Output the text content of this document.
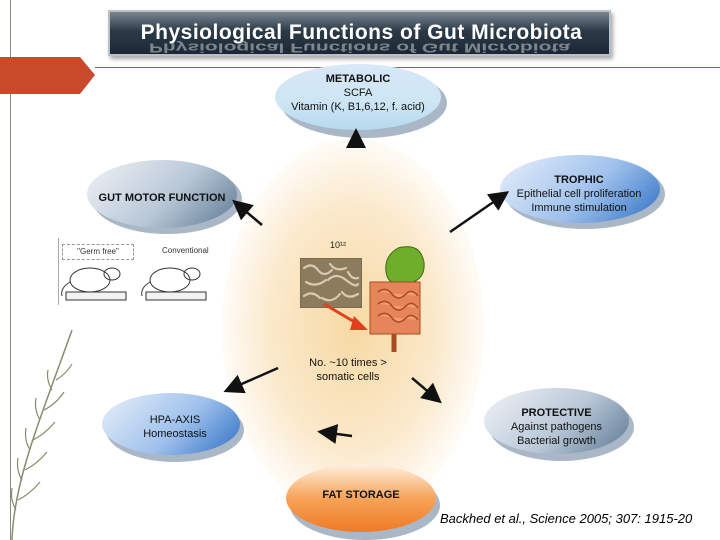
Physiological Functions of Gut Microbiota
Physiological Functions of Gut Microbiota
METABOLIC
SCFA
Vitamin (K, B1,6,12, f. acid)
TROPHIC
Epithelial cell proliferation
Immune stimulation
GUT MOTOR FUNCTION
"Germ free"	Conventional
10¹²
No. ~10 times >
somatic cells
HPA-AXIS
Homeostasis
PROTECTIVE
Against pathogens
Bacterial growth
FAT STORAGE
Backhed et al., Science 2005; 307: 1915-20
